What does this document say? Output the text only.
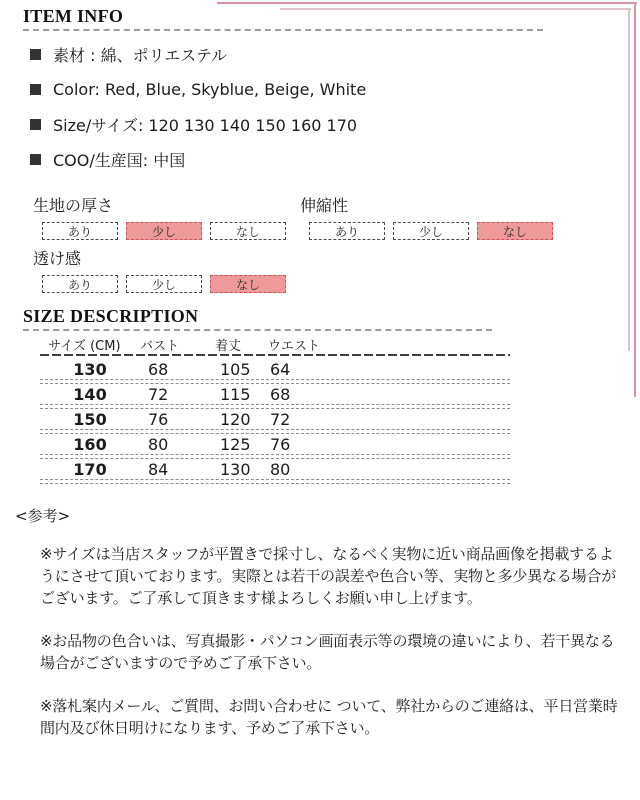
ITEM INFO
素材 : 綿、ポリエステル
Color: Red, Blue, Skyblue, Beige, White
Size/サイズ: 120 130 140 150 160 170
COO/生産国: 中国
生地の厚さ
あり	少し	なし
伸縮性
あり	少し	なし
透け感
あり	少し	なし
SIZE DESCRIPTION
サイズ (CM)	バスト	着丈	ウエスト
130	68	105	64
140	72	115	68
150	76	120	72
160	80	125	76
170	84	130	80
<参考>
※サイズは当店スタッフが平置きで採寸し、なるべく実物に近い商品画像を掲載するよ
うにさせて頂いております。実際とは若干の誤差や色合い等、実物と多少異なる場合が
ございます。ご了承して頂きます様よろしくお願い申し上げます。
※お品物の色合いは、写真撮影・パソコン画面表示等の環境の違いにより、若干異なる
場合がございますので予めご了承下さい。
※落札案内メール、ご質問、お問い合わせに ついて、弊社からのご連絡は、平日営業時
間内及び休日明けになります、予めご了承下さい。
